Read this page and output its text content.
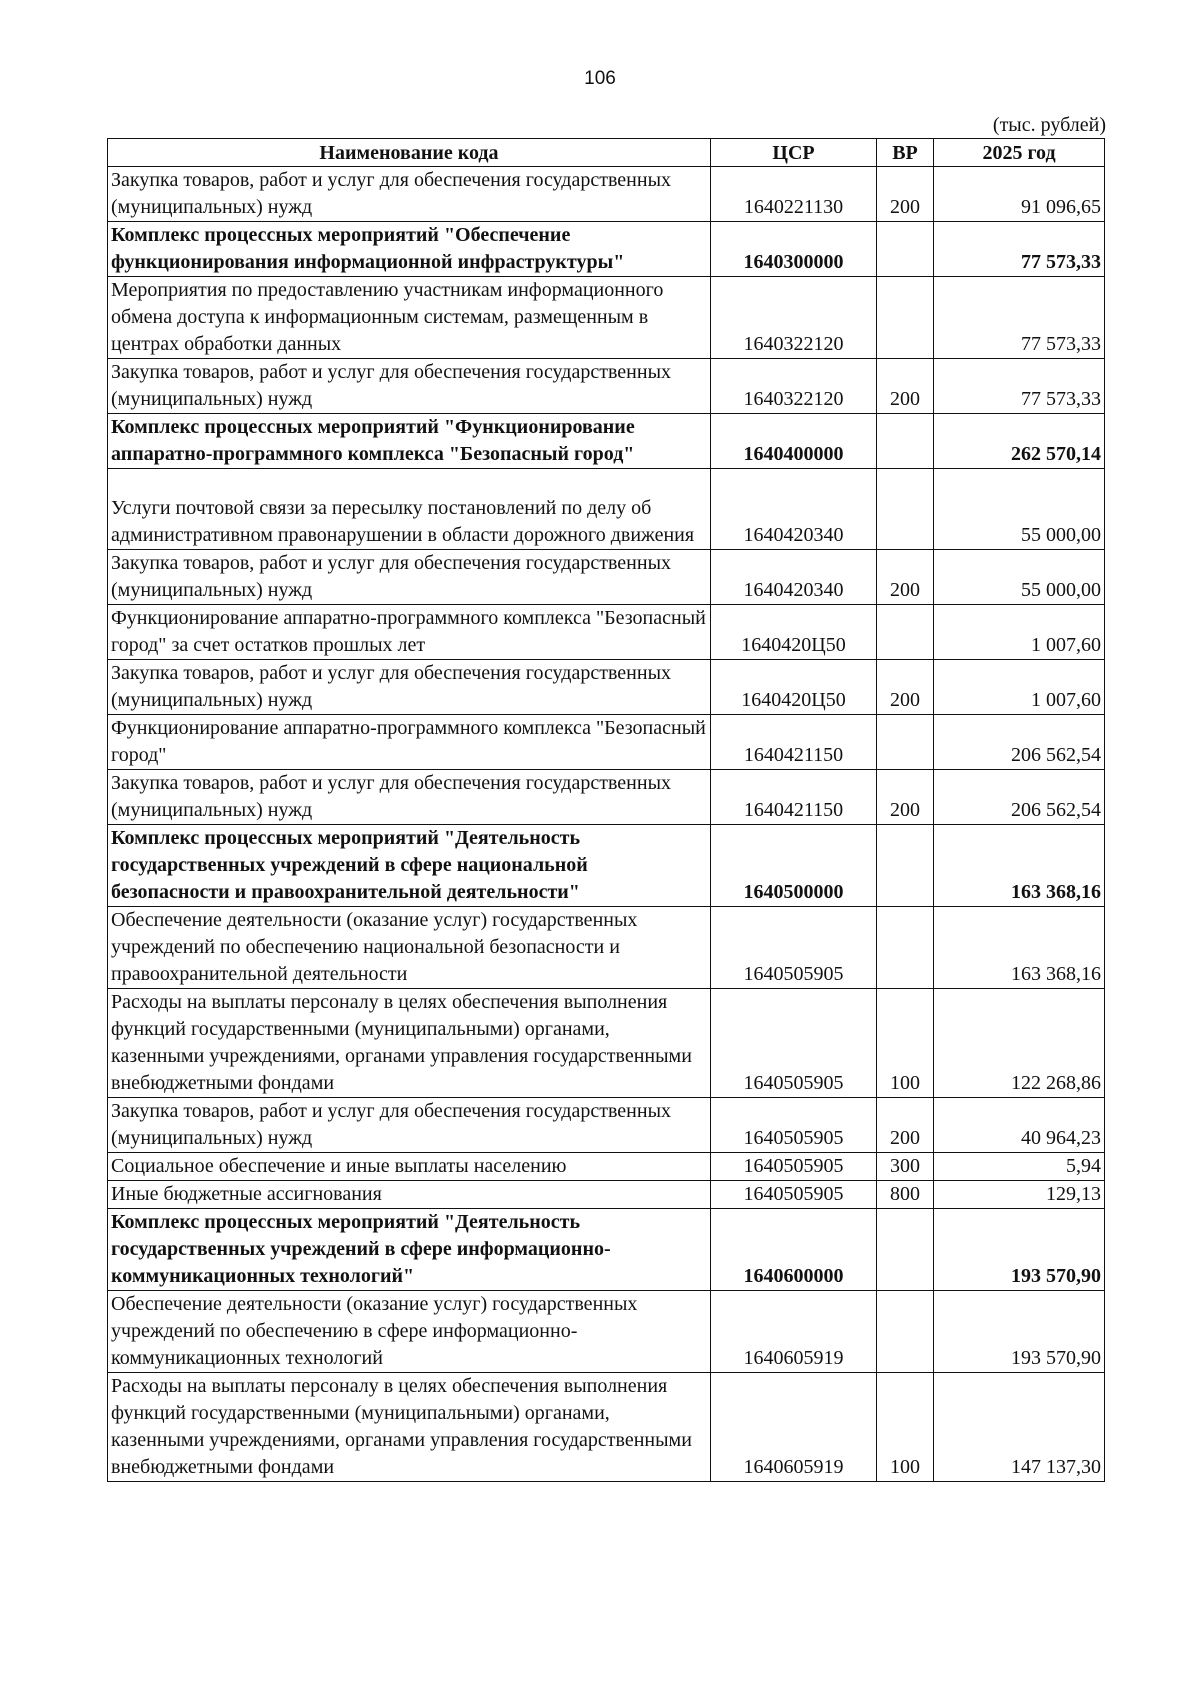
106
(тыс. рублей)
Наименование кода	ЦСР	ВР	2025 год
Закупка товаров, работ и услуг для обеспечения государственных (муниципальных) нужд	1640221130	200	91 096,65
Комплекс процессных мероприятий "Обеспечение функционирования информационной инфраструктуры"	1640300000		77 573,33
Мероприятия по предоставлению участникам информационного обмена доступа к информационным системам, размещенным в центрах обработки данных	1640322120		77 573,33
Закупка товаров, работ и услуг для обеспечения государственных (муниципальных) нужд	1640322120	200	77 573,33
Комплекс процессных мероприятий "Функционирование аппаратно-программного комплекса "Безопасный город"	1640400000		262 570,14
Услуги почтовой связи за пересылку постановлений по делу об административном правонарушении в области дорожного движения	1640420340		55 000,00
Закупка товаров, работ и услуг для обеспечения государственных (муниципальных) нужд	1640420340	200	55 000,00
Функционирование аппаратно-программного комплекса "Безопасный город" за счет остатков прошлых лет	1640420Ц50		1 007,60
Закупка товаров, работ и услуг для обеспечения государственных (муниципальных) нужд	1640420Ц50	200	1 007,60
Функционирование аппаратно-программного комплекса "Безопасный город"	1640421150		206 562,54
Закупка товаров, работ и услуг для обеспечения государственных (муниципальных) нужд	1640421150	200	206 562,54
Комплекс процессных мероприятий "Деятельность государственных учреждений в сфере национальной безопасности и правоохранительной деятельности"	1640500000		163 368,16
Обеспечение деятельности (оказание услуг) государственных учреждений по обеспечению национальной безопасности и правоохранительной деятельности	1640505905		163 368,16
Расходы на выплаты персоналу в целях обеспечения выполнения функций государственными (муниципальными) органами, казенными учреждениями, органами управления государственными внебюджетными фондами	1640505905	100	122 268,86
Закупка товаров, работ и услуг для обеспечения государственных (муниципальных) нужд	1640505905	200	40 964,23
Социальное обеспечение и иные выплаты населению	1640505905	300	5,94
Иные бюджетные ассигнования	1640505905	800	129,13
Комплекс процессных мероприятий "Деятельность государственных учреждений в сфере информационно-коммуникационных технологий"	1640600000		193 570,90
Обеспечение деятельности (оказание услуг) государственных учреждений по обеспечению в сфере информационно-коммуникационных технологий	1640605919		193 570,90
Расходы на выплаты персоналу в целях обеспечения выполнения функций государственными (муниципальными) органами, казенными учреждениями, органами управления государственными внебюджетными фондами	1640605919	100	147 137,30
